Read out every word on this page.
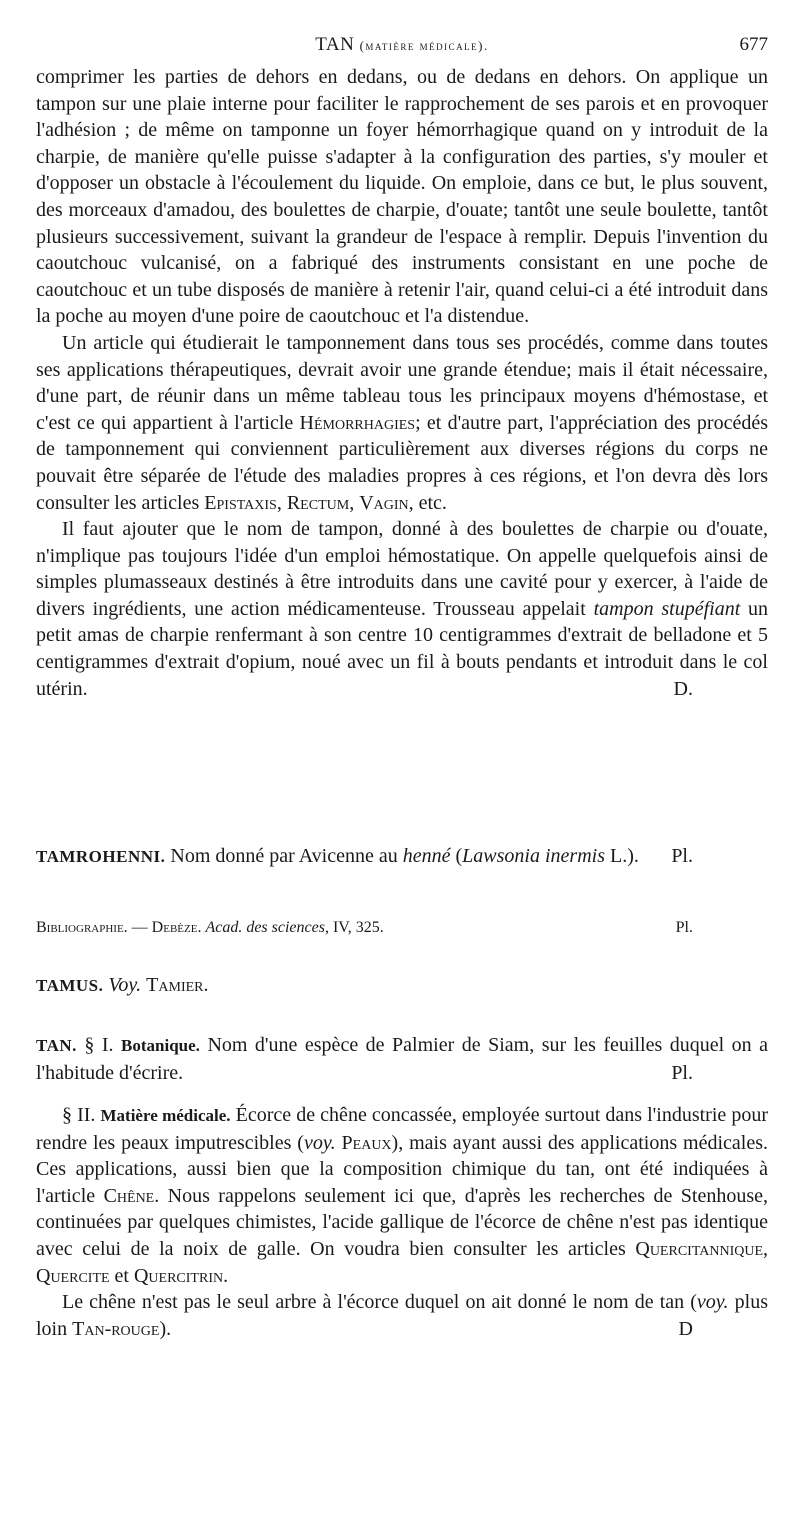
TAN (matière médicale).	677

comprimer les parties de dehors en dedans, ou de dedans en dehors. On applique un tampon sur une plaie interne pour faciliter le rapprochement de ses parois et en provoquer l'adhésion ; de même on tamponne un foyer hémorrhagique quand on y introduit de la charpie, de manière qu'elle puisse s'adapter à la configuration des parties, s'y mouler et d'opposer un obstacle à l'écoulement du liquide. On emploie, dans ce but, le plus souvent, des morceaux d'amadou, des boulettes de charpie, d'ouate; tantôt une seule boulette, tantôt plusieurs successivement, suivant la grandeur de l'espace à remplir. Depuis l'invention du caoutchouc vulcanisé, on a fabriqué des instruments consistant en une poche de caoutchouc et un tube disposés de manière à retenir l'air, quand celui-ci a été introduit dans la poche au moyen d'une poire de caoutchouc et l'a distendue.

Un article qui étudierait le tamponnement dans tous ses procédés, comme dans toutes ses applications thérapeutiques, devrait avoir une grande étendue; mais il était nécessaire, d'une part, de réunir dans un même tableau tous les principaux moyens d'hémostase, et c'est ce qui appartient à l'article Hémorrhagies; et d'autre part, l'appréciation des procédés de tamponnement qui conviennent particulièrement aux diverses régions du corps ne pouvait être séparée de l'étude des maladies propres à ces régions, et l'on devra dès lors consulter les articles Epistaxis, Rectum, Vagin, etc.

Il faut ajouter que le nom de tampon, donné à des boulettes de charpie ou d'ouate, n'implique pas toujours l'idée d'un emploi hémostatique. On appelle quelquefois ainsi de simples plumasseaux destinés à être introduits dans une cavité pour y exercer, à l'aide de divers ingrédients, une action médicamenteuse. Trousseau appelait tampon stupéfiant un petit amas de charpie renfermant à son centre 10 centigrammes d'extrait de belladone et 5 centigrammes d'extrait d'opium, noué avec un fil à bouts pendants et introduit dans le col utérin.	D.

TAMROHENNI. Nom donné par Avicenne au henné (Lawsonia inermis L.). Pl.

Bibliographie. — Debèze. Acad. des sciences, IV, 325.	Pl.

TAMUS. Voy. Tamier.

TAN. § I. Botanique. Nom d'une espèce de Palmier de Siam, sur les feuilles duquel on a l'habitude d'écrire.	Pl.

§ II. Matière médicale. Écorce de chêne concassée, employée surtout dans l'industrie pour rendre les peaux imputrescibles (voy. Peaux), mais ayant aussi des applications médicales. Ces applications, aussi bien que la composition chimique du tan, ont été indiquées à l'article Chêne. Nous rappelons seulement ici que, d'après les recherches de Stenhouse, continuées par quelques chimistes, l'acide gallique de l'écorce de chêne n'est pas identique avec celui de la noix de galle. On voudra bien consulter les articles Quercitannique, Quercite et Quercitrin.

Le chêne n'est pas le seul arbre à l'écorce duquel on ait donné le nom de tan (voy. plus loin Tan-rouge).	D
